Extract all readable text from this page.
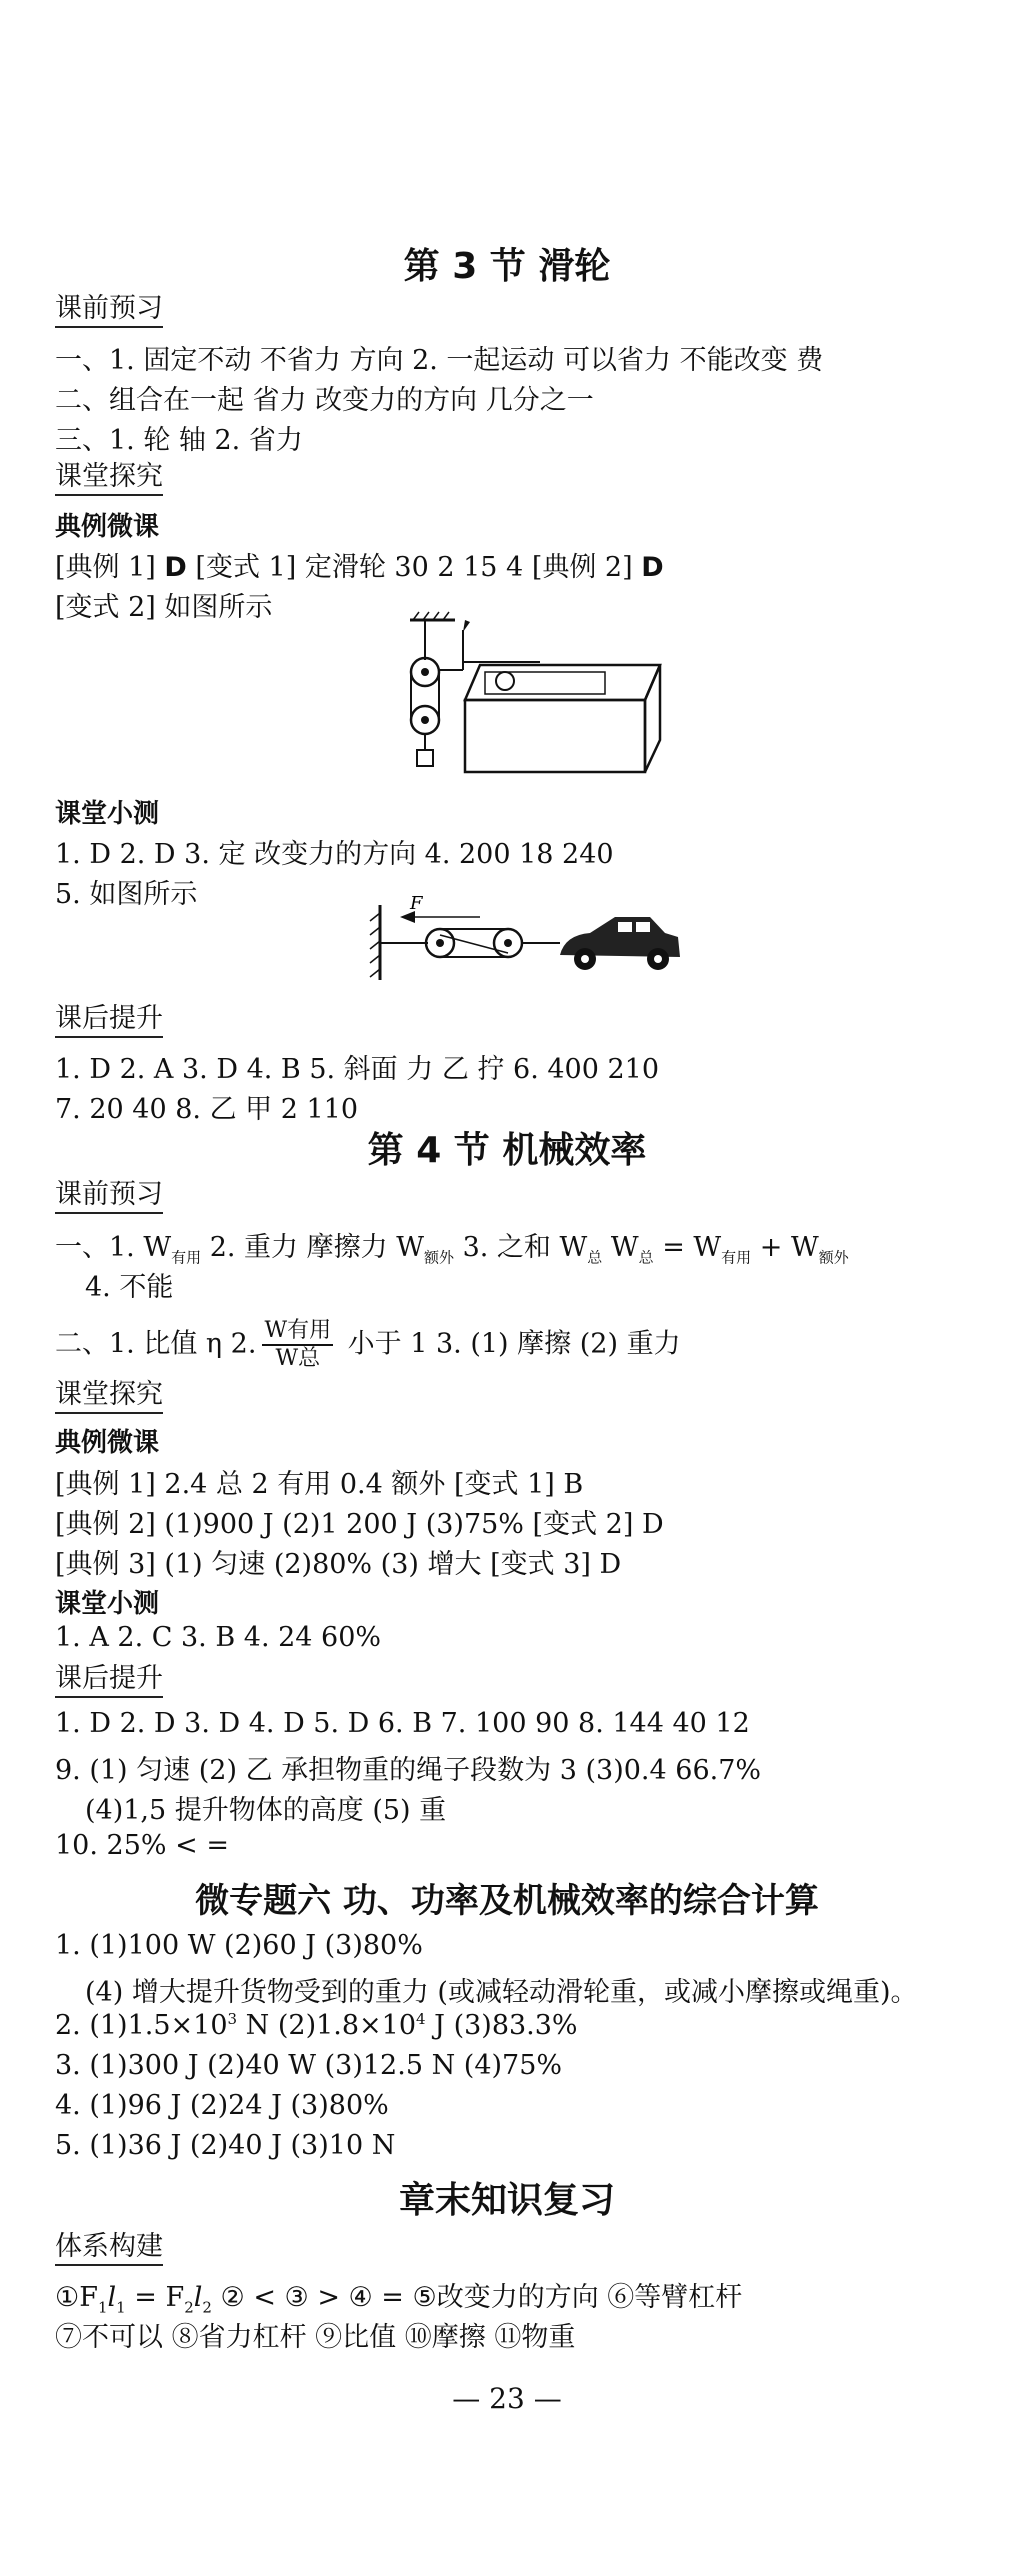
第 3 节 滑轮
课前预习
一、1. 固定不动 不省力 方向 2. 一起运动 可以省力 不能改变 费
二、组合在一起 省力 改变力的方向 几分之一
三、1. 轮 轴 2. 省力
课堂探究
典例微课
[典例 1] D [变式 1] 定滑轮 30 2 15 4 [典例 2] D
[变式 2] 如图所示
课堂小测
1. D 2. D 3. 定 改变力的方向 4. 200 18 240
5. 如图所示	F
课后提升
1. D 2. A 3. D 4. B 5. 斜面 力 乙 拧 6. 400 210
7. 20 40 8. 乙 甲 2 110
第 4 节 机械效率
课前预习
一、1. $W_{有用}$ 2. 重力 摩擦力 $W_{额外}$ 3. 之和 $W_总$ $W_总 = W_{有用} + W_{额外}$
4. 不能
二、1. 比值 η 2. $\frac{\text{W有用}}{\text{W总}}$ 小于 1 3. (1) 摩擦 (2) 重力
课堂探究
典例微课
[典例 1] 2.4 总 2 有用 0.4 额外 [变式 1] B
[典例 2] (1)900 J (2)1 200 J (3)75% [变式 2] D
[典例 3] (1) 匀速 (2)80% (3) 增大 [变式 3] D
课堂小测
1. A 2. C 3. B 4. 24 60%
课后提升
1. D 2. D 3. D 4. D 5. D 6. B 7. 100 90 8. 144 40 12
9. (1) 匀速 (2) 乙 承担物重的绳子段数为 3 (3)0.4 66.7%
(4)1,5 提升物体的高度 (5) 重
10. 25% < =
微专题六 功、功率及机械效率的综合计算
1. (1)100 W (2)60 J (3)80%
(4) 增大提升货物受到的重力 (或减轻动滑轮重，或减小摩擦或绳重)。
2. $(1)1.5\times 10^3$ N $(2)1.8\times 10^4$ J (3)83.3%
3. (1)300 J (2)40 W (3)12.5 N (4)75%
4. (1)96 J (2)24 J (3)80%
5. (1)36 J (2)40 J (3)10 N
章末知识复习
体系构建
$①F_1l_1 = F_2l_2$ ② < ③ > ④ = ⑤改变力的方向 ⑥等臂杠杆
⑦不可以 ⑧省力杠杆 ⑨比值 ⑩摩擦 ⑪物重
— 23 —
